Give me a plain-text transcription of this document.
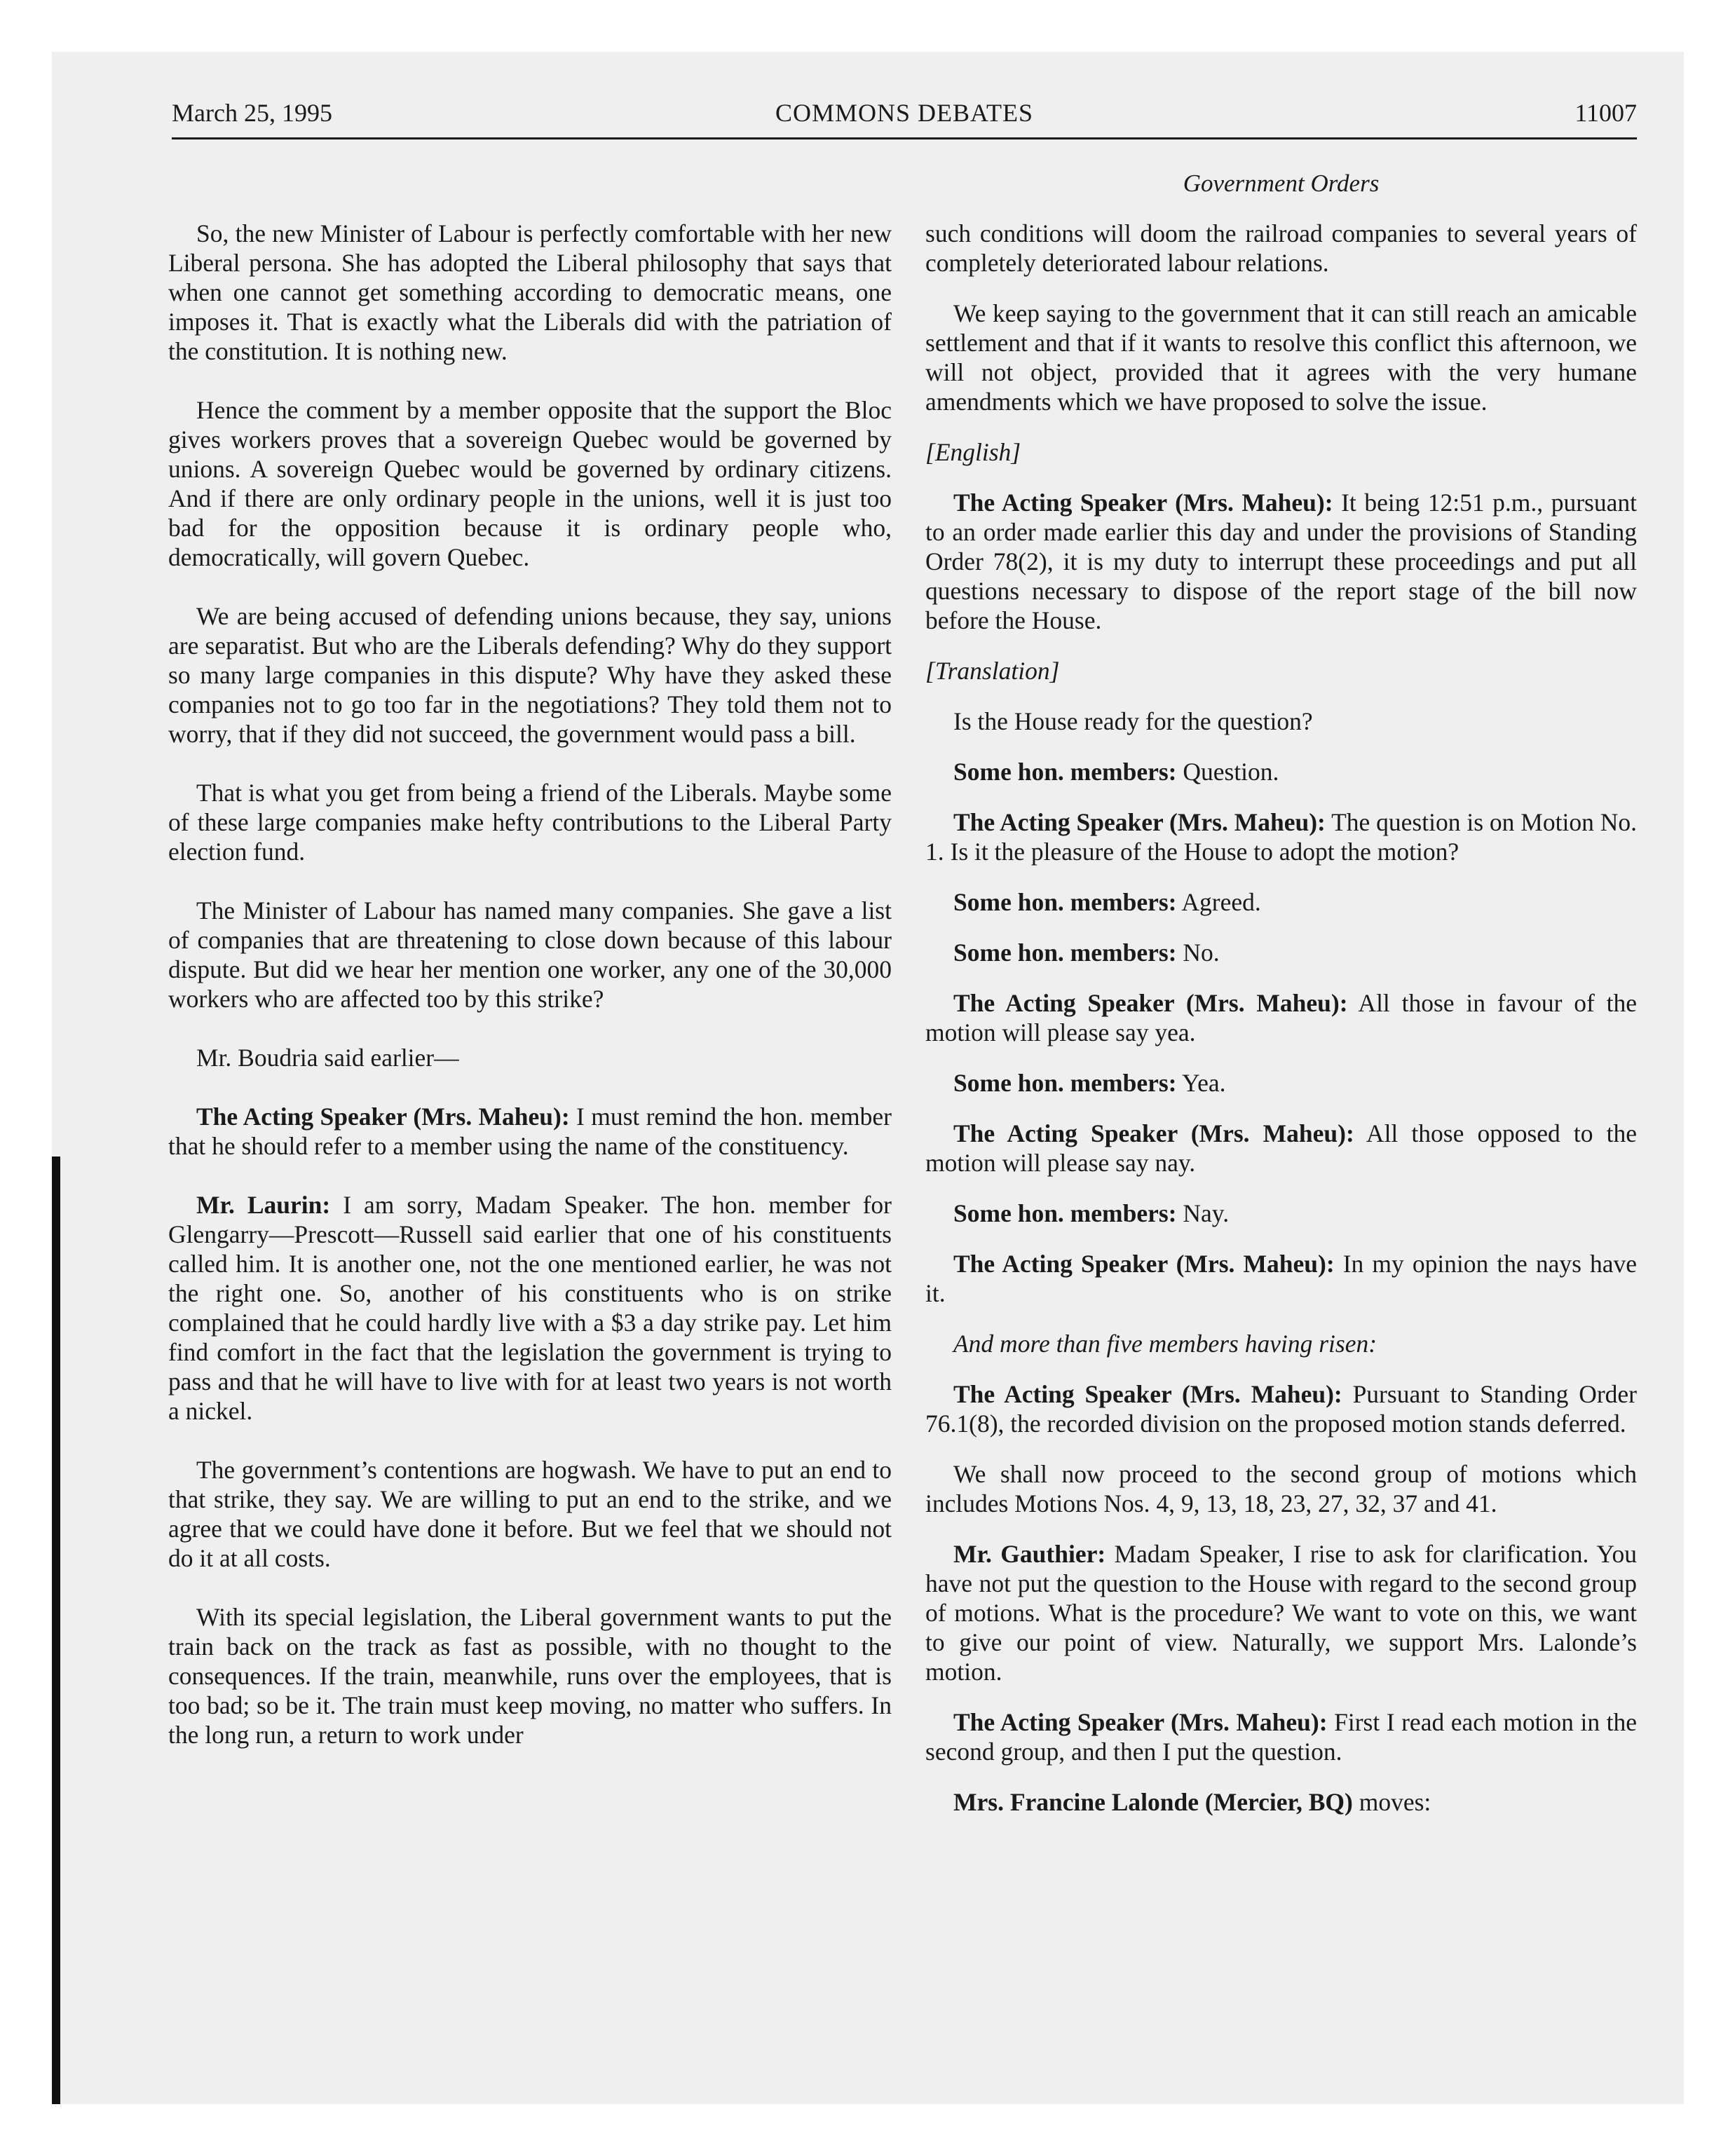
March 25, 1995	COMMONS DEBATES	11007
Government Orders

So, the new Minister of Labour is perfectly comfortable with her new Liberal persona. She has adopted the Liberal philosophy that says that when one cannot get something according to democratic means, one imposes it. That is exactly what the Liberals did with the patriation of the constitution. It is nothing new.

Hence the comment by a member opposite that the support the Bloc gives workers proves that a sovereign Quebec would be governed by unions. A sovereign Quebec would be governed by ordinary citizens. And if there are only ordinary people in the unions, well it is just too bad for the opposition because it is ordinary people who, democratically, will govern Quebec.

We are being accused of defending unions because, they say, unions are separatist. But who are the Liberals defending? Why do they support so many large companies in this dispute? Why have they asked these companies not to go too far in the negotiations? They told them not to worry, that if they did not succeed, the government would pass a bill.

That is what you get from being a friend of the Liberals. Maybe some of these large companies make hefty contributions to the Liberal Party election fund.

The Minister of Labour has named many companies. She gave a list of companies that are threatening to close down because of this labour dispute. But did we hear her mention one worker, any one of the 30,000 workers who are affected too by this strike?

Mr. Boudria said earlier—

The Acting Speaker (Mrs. Maheu): I must remind the hon. member that he should refer to a member using the name of the constituency.

Mr. Laurin: I am sorry, Madam Speaker. The hon. member for Glengarry—Prescott—Russell said earlier that one of his constituents called him. It is another one, not the one mentioned earlier, he was not the right one. So, another of his constituents who is on strike complained that he could hardly live with a $3 a day strike pay. Let him find comfort in the fact that the legislation the government is trying to pass and that he will have to live with for at least two years is not worth a nickel.

The government’s contentions are hogwash. We have to put an end to that strike, they say. We are willing to put an end to the strike, and we agree that we could have done it before. But we feel that we should not do it at all costs.

With its special legislation, the Liberal government wants to put the train back on the track as fast as possible, with no thought to the consequences. If the train, meanwhile, runs over the employees, that is too bad; so be it. The train must keep moving, no matter who suffers. In the long run, a return to work under

such conditions will doom the railroad companies to several years of completely deteriorated labour relations.

We keep saying to the government that it can still reach an amicable settlement and that if it wants to resolve this conflict this afternoon, we will not object, provided that it agrees with the very humane amendments which we have proposed to solve the issue.

[English]

The Acting Speaker (Mrs. Maheu): It being 12:51 p.m., pursuant to an order made earlier this day and under the provisions of Standing Order 78(2), it is my duty to interrupt these proceedings and put all questions necessary to dispose of the report stage of the bill now before the House.

[Translation]

Is the House ready for the question?

Some hon. members: Question.

The Acting Speaker (Mrs. Maheu): The question is on Motion No. 1. Is it the pleasure of the House to adopt the motion?

Some hon. members: Agreed.

Some hon. members: No.

The Acting Speaker (Mrs. Maheu): All those in favour of the motion will please say yea.

Some hon. members: Yea.

The Acting Speaker (Mrs. Maheu): All those opposed to the motion will please say nay.

Some hon. members: Nay.

The Acting Speaker (Mrs. Maheu): In my opinion the nays have it.

And more than five members having risen:

The Acting Speaker (Mrs. Maheu): Pursuant to Standing Order 76.1(8), the recorded division on the proposed motion stands deferred.

We shall now proceed to the second group of motions which includes Motions Nos. 4, 9, 13, 18, 23, 27, 32, 37 and 41.

Mr. Gauthier: Madam Speaker, I rise to ask for clarification. You have not put the question to the House with regard to the second group of motions. What is the procedure? We want to vote on this, we want to give our point of view. Naturally, we support Mrs. Lalonde’s motion.

The Acting Speaker (Mrs. Maheu): First I read each motion in the second group, and then I put the question.

Mrs. Francine Lalonde (Mercier, BQ) moves:
